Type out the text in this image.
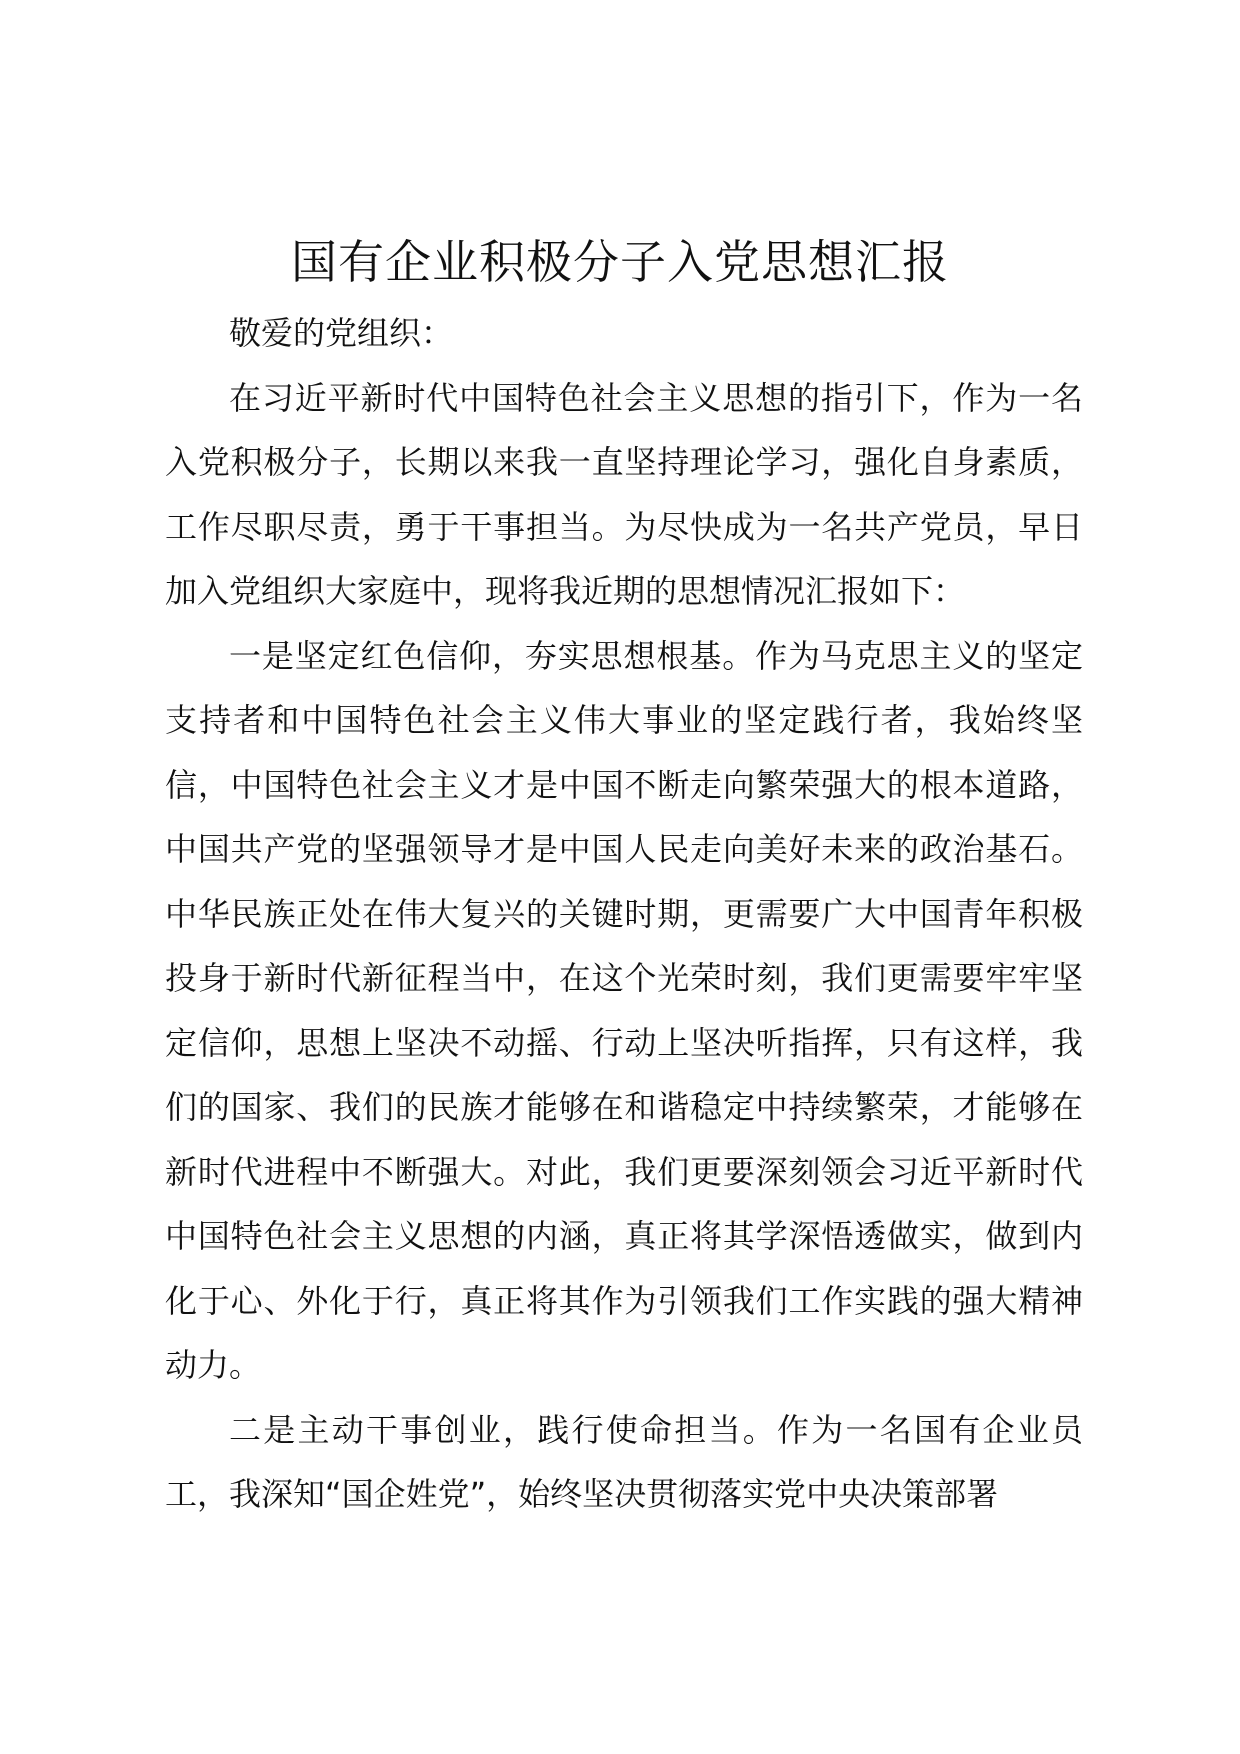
国有企业积极分子入党思想汇报

敬爱的党组织：

在习近平新时代中国特色社会主义思想的指引下，作为一名入党积极分子，长期以来我一直坚持理论学习，强化自身素质，工作尽职尽责，勇于干事担当。为尽快成为一名共产党员，早日加入党组织大家庭中，现将我近期的思想情况汇报如下：

一是坚定红色信仰，夯实思想根基。作为马克思主义的坚定支持者和中国特色社会主义伟大事业的坚定践行者，我始终坚信，中国特色社会主义才是中国不断走向繁荣强大的根本道路，中国共产党的坚强领导才是中国人民走向美好未来的政治基石。中华民族正处在伟大复兴的关键时期，更需要广大中国青年积极投身于新时代新征程当中，在这个光荣时刻，我们更需要牢牢坚定信仰，思想上坚决不动摇、行动上坚决听指挥，只有这样，我们的国家、我们的民族才能够在和谐稳定中持续繁荣，才能够在新时代进程中不断强大。对此，我们更要深刻领会习近平新时代中国特色社会主义思想的内涵，真正将其学深悟透做实，做到内化于心、外化于行，真正将其作为引领我们工作实践的强大精神动力。

二是主动干事创业，践行使命担当。作为一名国有企业员工，我深知“国企姓党”，始终坚决贯彻落实党中央决策部署
